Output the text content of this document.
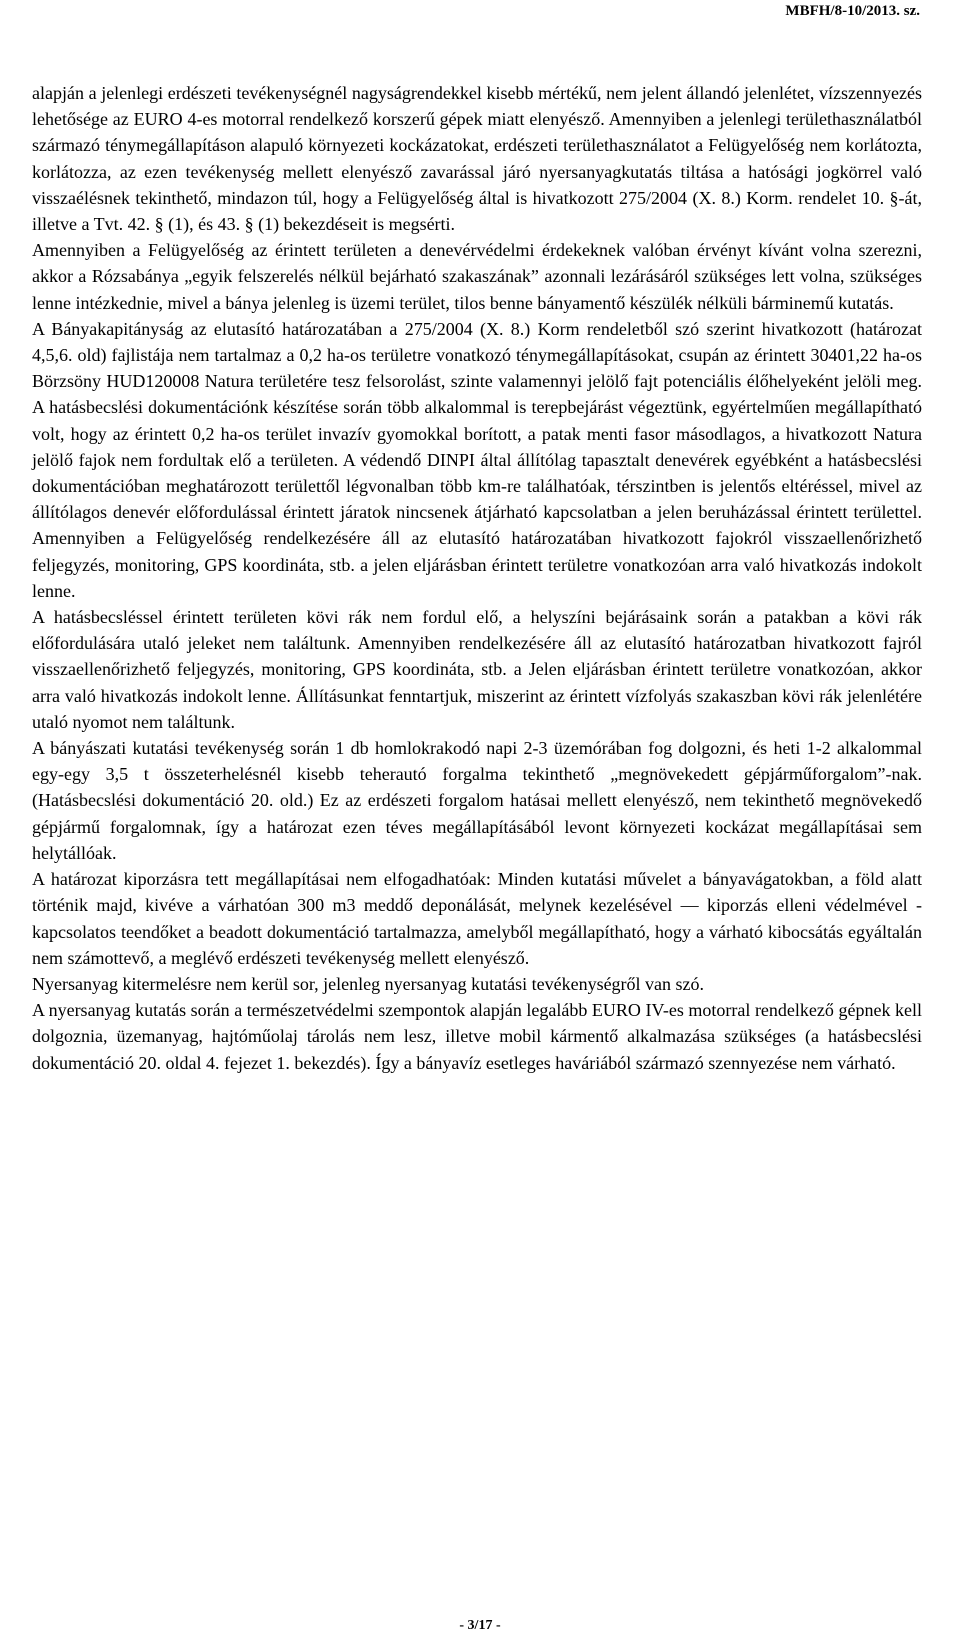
MBFH/8-10/2013. sz.

alapján a jelenlegi erdészeti tevékenységnél nagyságrendekkel kisebb mértékű, nem jelent állandó jelenlétet, vízszennyezés lehetősége az EURO 4-es motorral rendelkező korszerű gépek miatt elenyésző. Amennyiben a jelenlegi területhasználatból származó ténymegállapításon alapuló környezeti kockázatokat, erdészeti területhasználatot a Felügyelőség nem korlátozta, korlátozza, az ezen tevékenység mellett elenyésző zavarással járó nyersanyagkutatás tiltása a hatósági jogkörrel való visszaélésnek tekinthető, mindazon túl, hogy a Felügyelőség által is hivatkozott 275/2004 (X. 8.) Korm. rendelet 10. §-át, illetve a Tvt. 42. § (1), és 43. § (1) bekezdéseit is megsérti.

Amennyiben a Felügyelőség az érintett területen a denevérvédelmi érdekeknek valóban érvényt kívánt volna szerezni, akkor a Rózsabánya „egyik felszerelés nélkül bejárható szakaszának” azonnali lezárásáról szükséges lett volna, szükséges lenne intézkednie, mivel a bánya jelenleg is üzemi terület, tilos benne bányamentő készülék nélküli bárminemű kutatás.

A Bányakapitányság az elutasító határozatában a 275/2004 (X. 8.) Korm rendeletből szó szerint hivatkozott (határozat 4,5,6. old) fajlistája nem tartalmaz a 0,2 ha-os területre vonatkozó ténymegállapításokat, csupán az érintett 30401,22 ha-os Börzsöny HUD120008 Natura területére tesz felsorolást, szinte valamennyi jelölő fajt potenciális élőhelyeként jelöli meg. A hatásbecslési dokumentációnk készítése során több alkalommal is terepbejárást végeztünk, egyértelműen megállapítható volt, hogy az érintett 0,2 ha-os terület invazív gyomokkal borított, a patak menti fasor másodlagos, a hivatkozott Natura jelölő fajok nem fordultak elő a területen. A védendő DINPI által állítólag tapasztalt denevérek egyébként a hatásbecslési dokumentációban meghatározott területtől légvonalban több km-re találhatóak, térszintben is jelentős eltéréssel, mivel az állítólagos denevér előfordulással érintett járatok nincsenek átjárható kapcsolatban a jelen beruházással érintett területtel. Amennyiben a Felügyelőség rendelkezésére áll az elutasító határozatában hivatkozott fajokról visszaellenőrizhető feljegyzés, monitoring, GPS koordináta, stb. a jelen eljárásban érintett területre vonatkozóan arra való hivatkozás indokolt lenne.

A hatásbecsléssel érintett területen kövi rák nem fordul elő, a helyszíni bejárásaink során a patakban a kövi rák előfordulására utaló jeleket nem találtunk. Amennyiben rendelkezésére áll az elutasító határozatban hivatkozott fajról visszaellenőrizhető feljegyzés, monitoring, GPS koordináta, stb. a Jelen eljárásban érintett területre vonatkozóan, akkor arra való hivatkozás indokolt lenne. Állításunkat fenntartjuk, miszerint az érintett vízfolyás szakaszban kövi rák jelenlétére utaló nyomot nem találtunk.

A bányászati kutatási tevékenység során 1 db homlokrakodó napi 2-3 üzemórában fog dolgozni, és heti 1-2 alkalommal egy-egy 3,5 t összeterhelésnél kisebb teherautó forgalma tekinthető „megnövekedett gépjárműforgalom”-nak. (Hatásbecslési dokumentáció 20. old.) Ez az erdészeti forgalom hatásai mellett elenyésző, nem tekinthető megnövekedő gépjármű forgalomnak, így a határozat ezen téves megállapításából levont környezeti kockázat megállapításai sem helytállóak.

A határozat kiporzásra tett megállapításai nem elfogadhatóak: Minden kutatási művelet a bányavágatokban, a föld alatt történik majd, kivéve a várhatóan 300 m3 meddő deponálását, melynek kezelésével — kiporzás elleni védelmével - kapcsolatos teendőket a beadott dokumentáció tartalmazza, amelyből megállapítható, hogy a várható kibocsátás egyáltalán nem számottevő, a meglévő erdészeti tevékenység mellett elenyésző.

Nyersanyag kitermelésre nem kerül sor, jelenleg nyersanyag kutatási tevékenységről van szó.

A nyersanyag kutatás során a természetvédelmi szempontok alapján legalább EURO IV-es motorral rendelkező gépnek kell dolgoznia, üzemanyag, hajtóműolaj tárolás nem lesz, illetve mobil kármentő alkalmazása szükséges (a hatásbecslési dokumentáció 20. oldal 4. fejezet 1. bekezdés). Így a bányavíz esetleges haváriából származó szennyezése nem várható.

- 3/17 -
